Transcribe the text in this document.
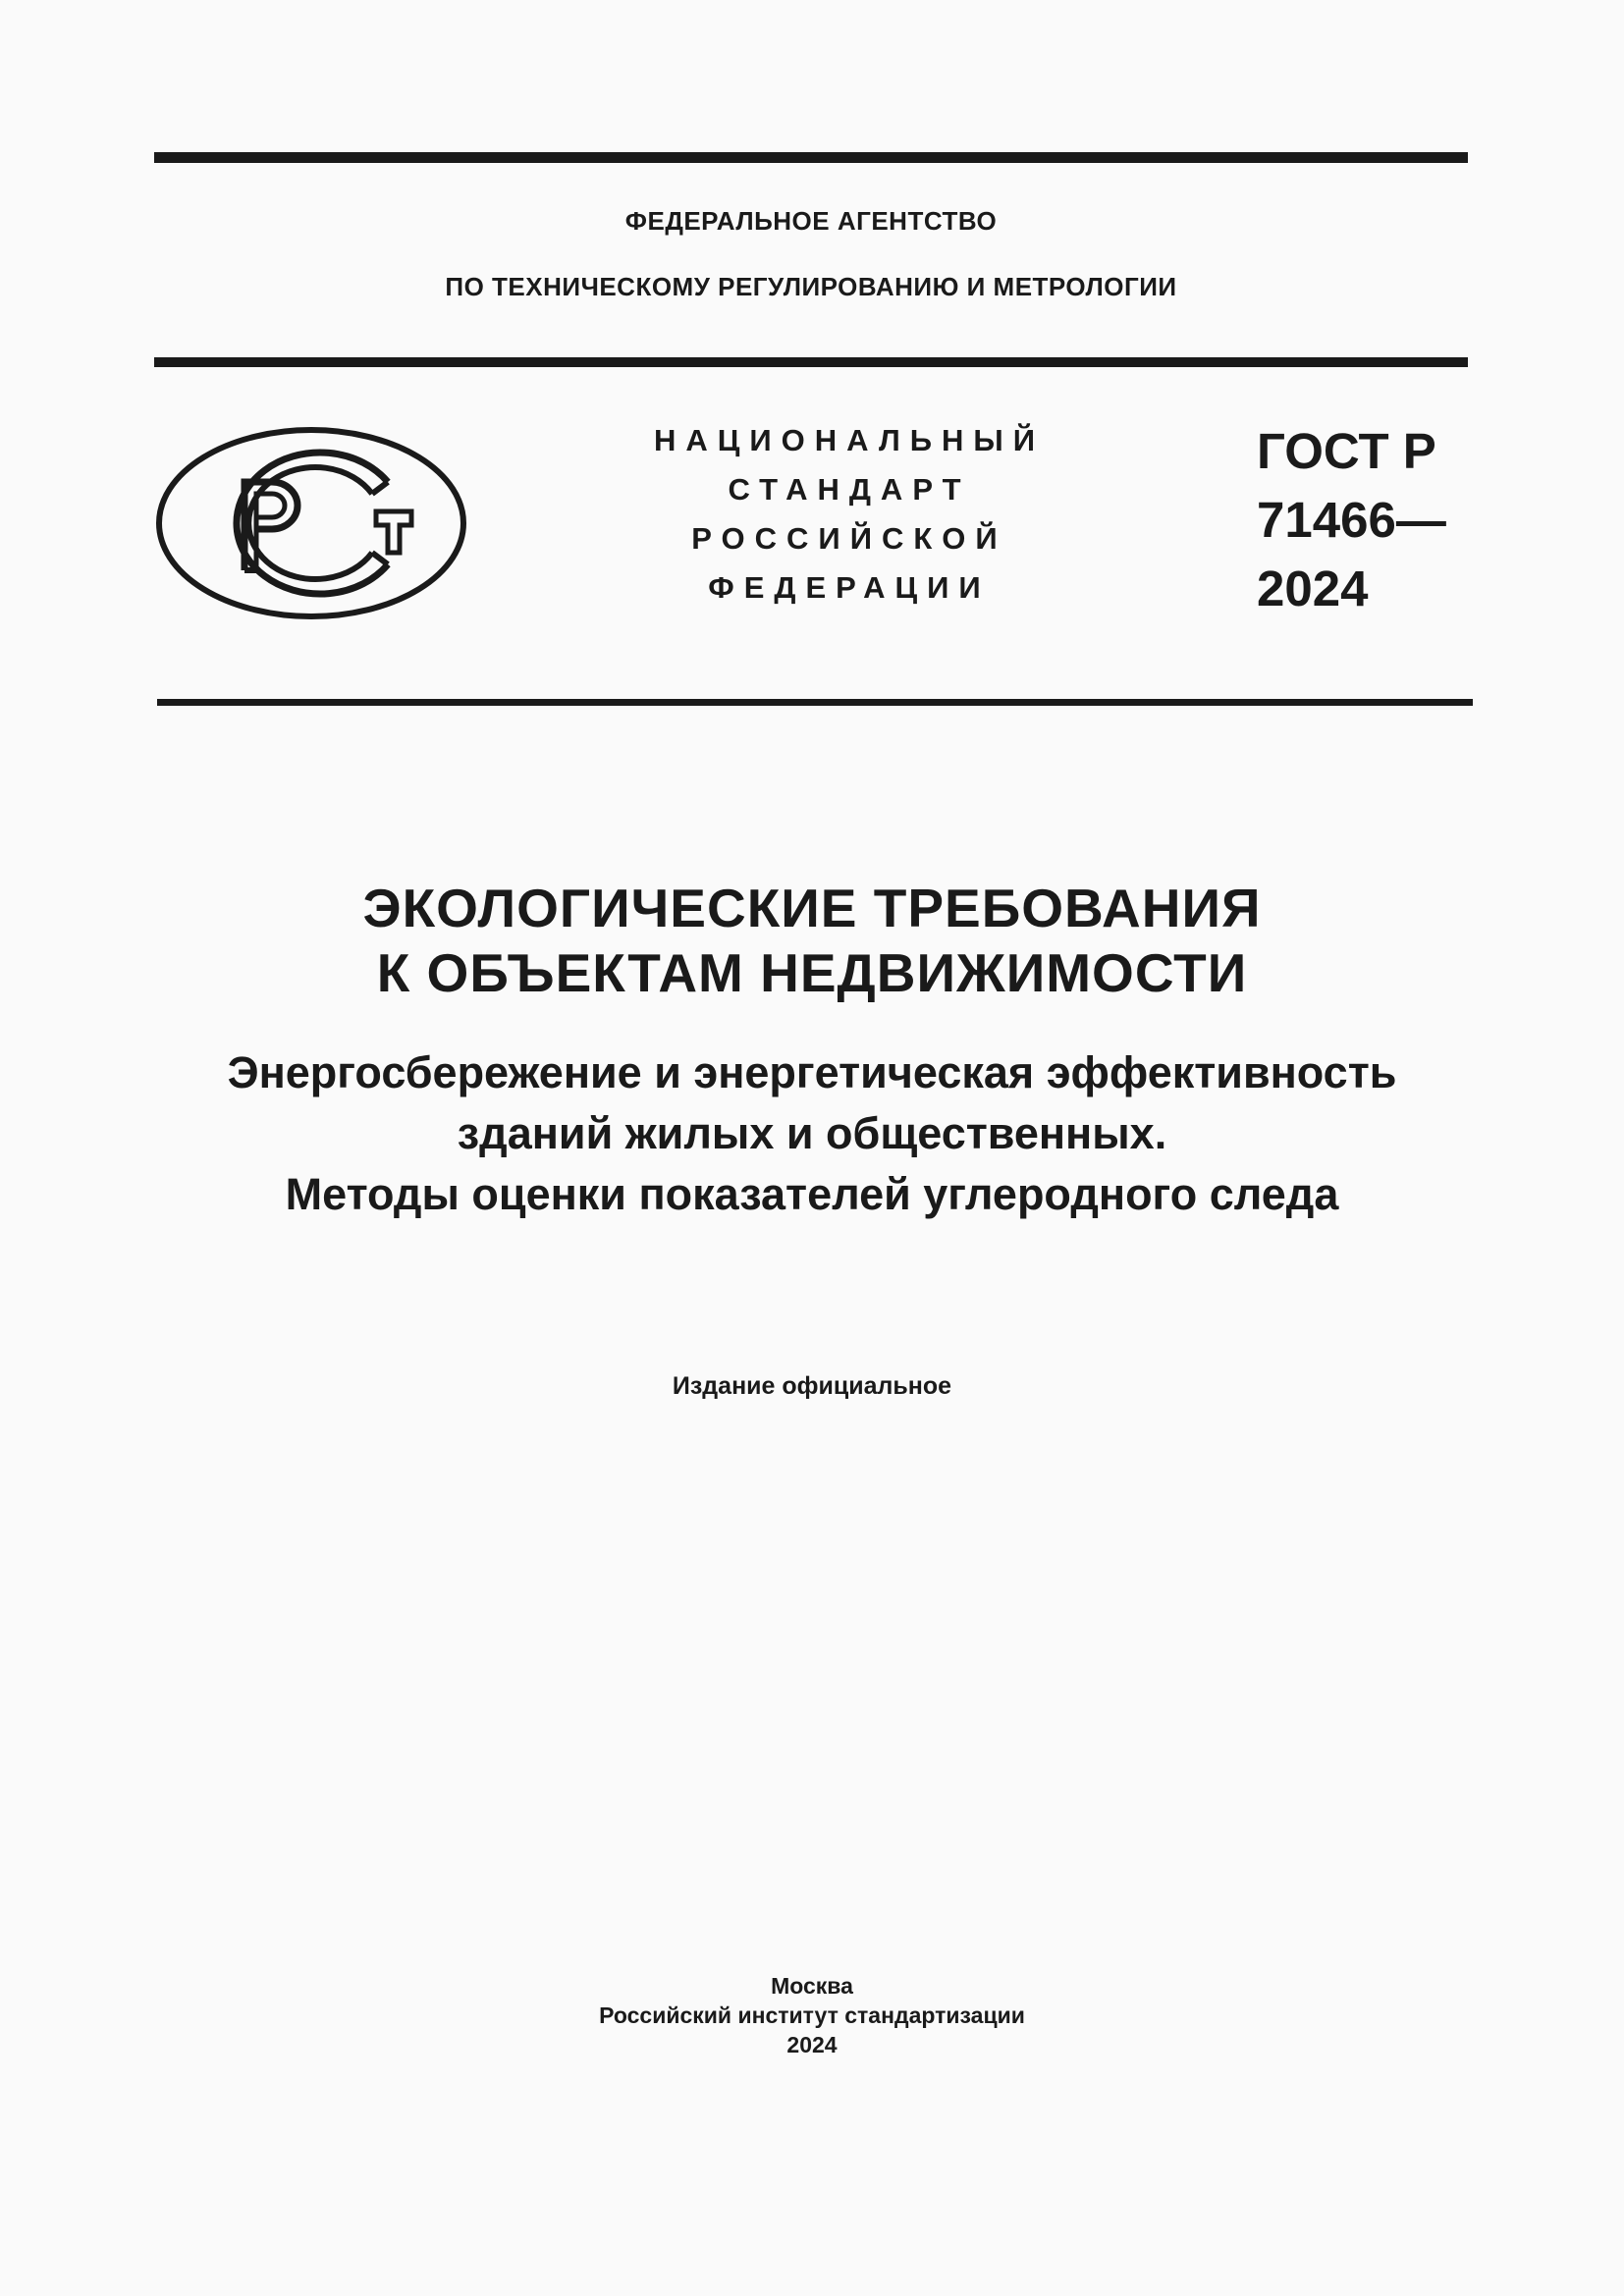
ФЕДЕРАЛЬНОЕ АГЕНТСТВО
ПО ТЕХНИЧЕСКОМУ РЕГУЛИРОВАНИЮ И МЕТРОЛОГИИ
НАЦИОНАЛЬНЫЙ
СТАНДАРТ
РОССИЙСКОЙ
ФЕДЕРАЦИИ
ГОСТ Р
71466—
2024
ЭКОЛОГИЧЕСКИЕ ТРЕБОВАНИЯ
К ОБЪЕКТАМ НЕДВИЖИМОСТИ
Энергосбережение и энергетическая эффективность
зданий жилых и общественных.
Методы оценки показателей углеродного следа
Издание официальное
Москва
Российский институт стандартизации
2024
